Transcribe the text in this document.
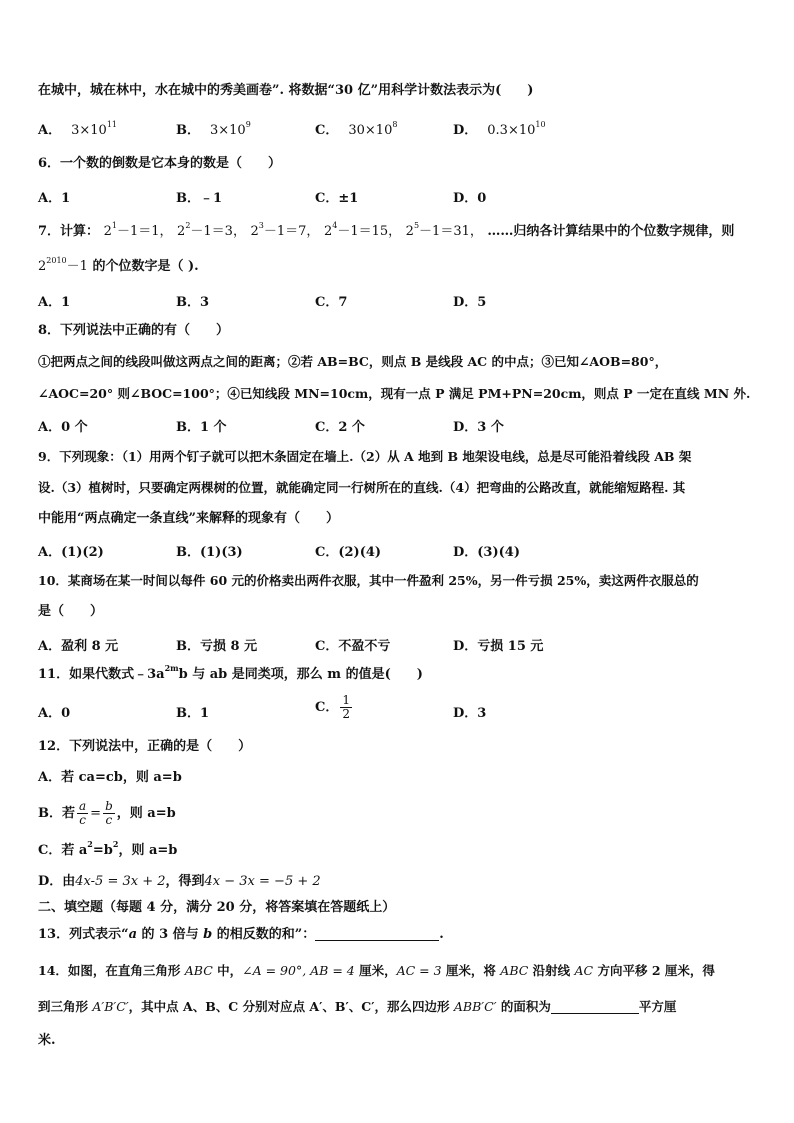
在城中，城在林中，水在城中的秀美画卷”. 将数据“30 亿”用科学计数法表示为(　　)
A． $3\times 10^{11}$	B． $3\times 10^9$	C． $30\times 10^8$	D． $0.3\times 10^{10}$
6．一个数的倒数是它本身的数是（　　）
A．1	B．﹣1	C．±1	D．0
7．计算： $2^1-1=1$， $2^2-1=3$， $2^3-1=7$， $2^4-1=15$， $2^5-1=31$， ……归纳各计算结果中的个位数字规律，则
$2^{2010}-1$ 的个位数字是（ ).
A．1	B．3	C．7	D．5
8．下列说法中正确的有（　　）
①把两点之间的线段叫做这两点之间的距离；②若 AB=BC，则点 B 是线段 AC 的中点；③已知∠AOB=80°，
∠AOC=20° 则∠BOC=100°；④已知线段 MN=10cm，现有一点 P 满足 PM+PN=20cm，则点 P 一定在直线 MN 外.
A．0 个	B．1 个	C．2 个	D．3 个
9．下列现象：（1）用两个钉子就可以把木条固定在墙上.（2）从 A 地到 B 地架设电线，总是尽可能沿着线段 AB 架
设.（3）植树时，只要确定两棵树的位置，就能确定同一行树所在的直线.（4）把弯曲的公路改直，就能缩短路程. 其
中能用“两点确定一条直线”来解释的现象有（　　）
A．(1)(2)	B．(1)(3)	C．(2)(4)	D．(3)(4)
10．某商场在某一时间以每件 60 元的价格卖出两件衣服，其中一件盈利 25%，另一件亏损 25%，卖这两件衣服总的
是（　　）
A．盈利 8 元	B．亏损 8 元	C．不盈不亏	D．亏损 15 元
11．如果代数式$﹣3a^{2m}b$ 与 ab 是同类项，那么 m 的值是(　　)
A．0	B．1	C． $\frac{1}{2}$	D．3
12．下列说法中，正确的是（　　）
A．若 ca=cb，则 a=b
B．若 $\frac{a}{c} = \frac{b}{c}$ ，则 a=b
C．若 $a^2=b^2$，则 a=b
D．由4x-5 = 3x + 2，得到4x − 3x = −5 + 2
二、填空题（每题 4 分，满分 20 分，将答案填在答题纸上）
13．列式表示“a 的 3 倍与 b 的相反数的和”：	.
14．如图，在直角三角形 ABC 中，∠A = 90°, AB = 4 厘米，AC = 3 厘米，将 ABC 沿射线 AC 方向平移 2 厘米，得
到三角形 A′B′C′，其中点 A、B、C 分别对应点 A′、B′、C′，那么四边形 ABB′C′ 的面积为	平方厘
米.
